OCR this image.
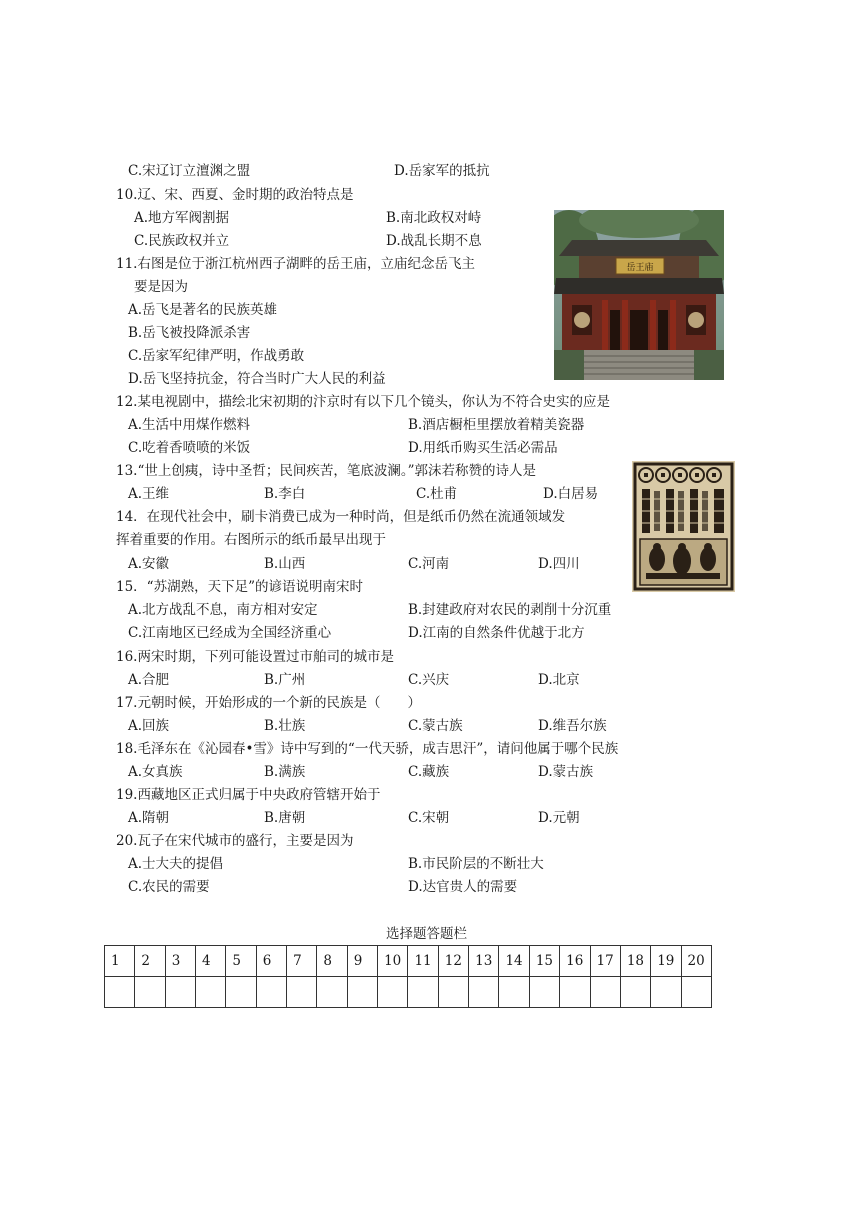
C.宋辽订立澶渊之盟	D.岳家军的抵抗
10.辽、宋、西夏、金时期的政治特点是
A.地方军阀割据	B.南北政权对峙
C.民族政权并立	D.战乱长期不息
11.右图是位于浙江杭州西子湖畔的岳王庙，立庙纪念岳飞主
要是因为
A.岳飞是著名的民族英雄
B.岳飞被投降派杀害
C.岳家军纪律严明，作战勇敢
D.岳飞坚持抗金，符合当时广大人民的利益
岳王庙
12.某电视剧中，描绘北宋初期的汴京时有以下几个镜头，你认为不符合史实的应是
A.生活中用煤作燃料	B.酒店橱柜里摆放着精美瓷器
C.吃着香喷喷的米饭	D.用纸币购买生活必需品
13.“世上创痍，诗中圣哲；民间疾苦，笔底波澜。”郭沫若称赞的诗人是
A.王维	B.李白	C.杜甫	D.白居易
14．在现代社会中，刷卡消费已成为一种时尚，但是纸币仍然在流通领域发
挥着重要的作用。右图所示的纸币最早出现于
A.安徽	B.山西	C.河南	D.四川
15．“苏湖熟，天下足”的谚语说明南宋时
A.北方战乱不息，南方相对安定	B.封建政府对农民的剥削十分沉重
C.江南地区已经成为全国经济重心	D.江南的自然条件优越于北方
16.两宋时期，下列可能设置过市舶司的城市是
A.合肥	B.广州	C.兴庆	D.北京
17.元朝时候，开始形成的一个新的民族是（　　）
A.回族	B.壮族	C.蒙古族	D.维吾尔族
18.毛泽东在《沁园春•雪》诗中写到的“一代天骄，成吉思汗”，请问他属于哪个民族
A.女真族	B.满族	C.藏族	D.蒙古族
19.西藏地区正式归属于中央政府管辖开始于
A.隋朝	B.唐朝	C.宋朝	D.元朝
20.瓦子在宋代城市的盛行，主要是因为
A.士大夫的提倡	B.市民阶层的不断壮大
C.农民的需要	D.达官贵人的需要
选择题答题栏
1	2	3	4	5	6	7	8	9	10	11	12	13	14	15	16	17	18	19	20
